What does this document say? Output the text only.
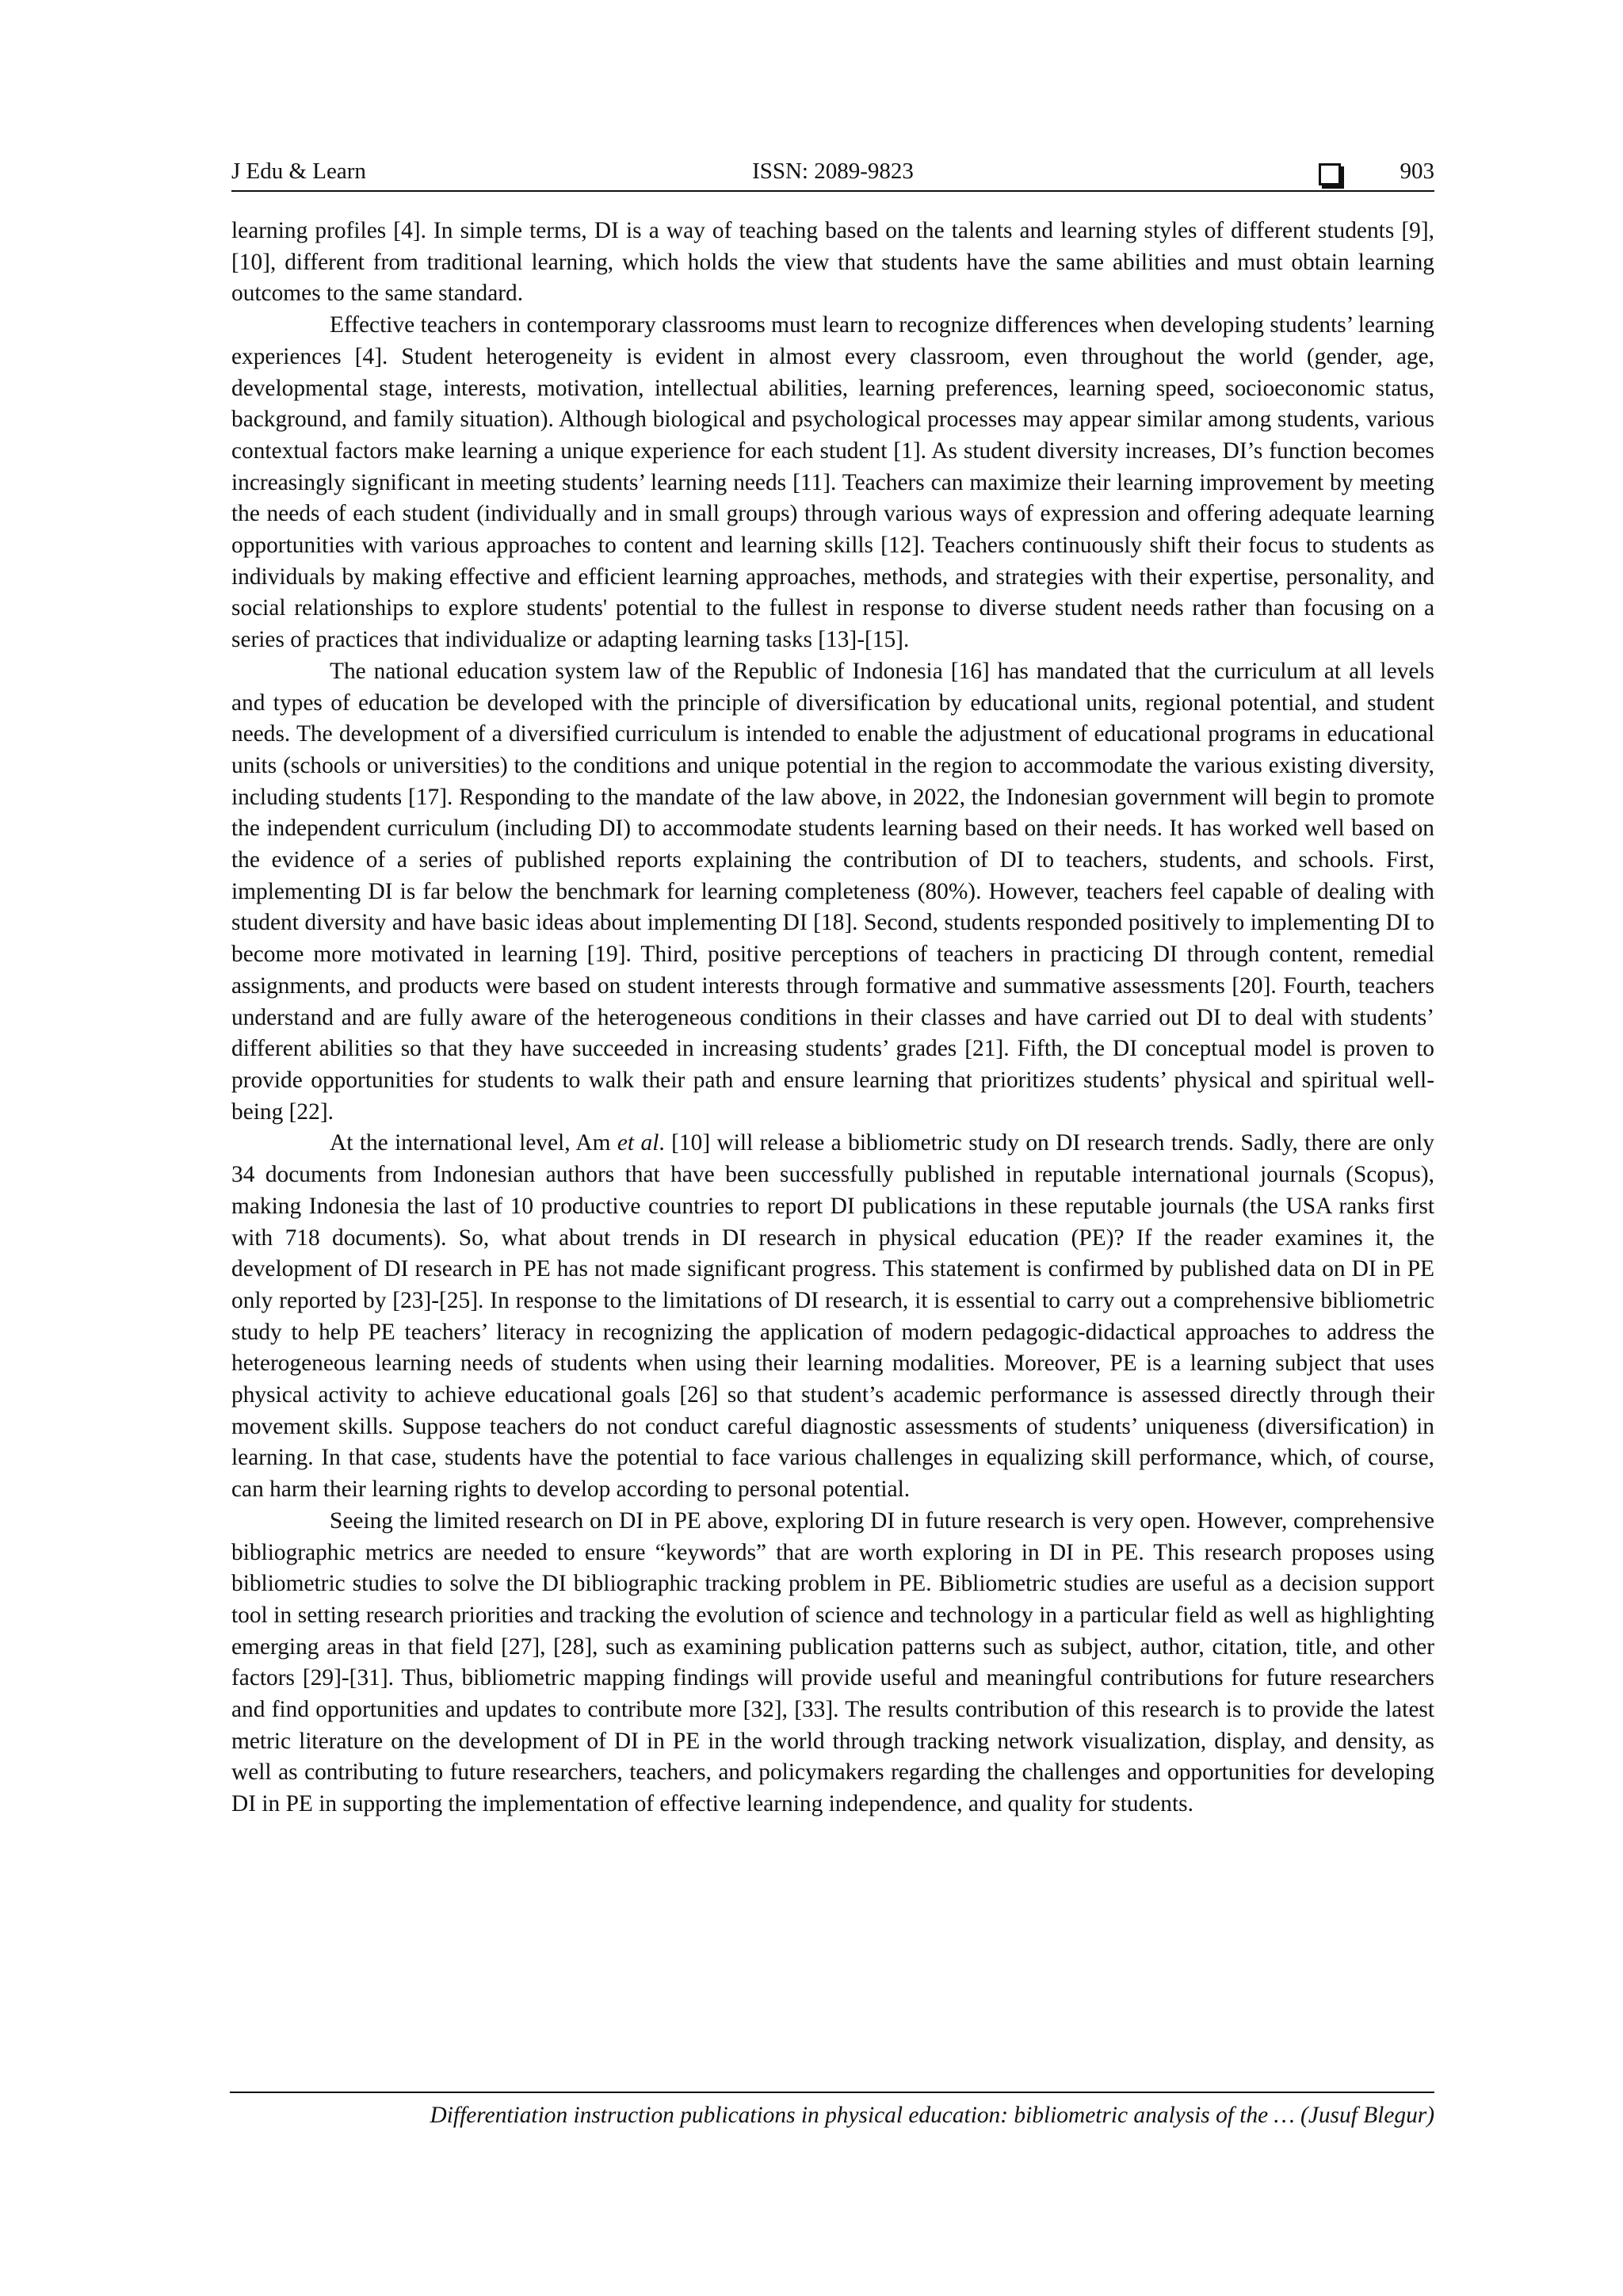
J Edu & Learn	ISSN: 2089-9823	903

learning profiles [4]. In simple terms, DI is a way of teaching based on the talents and learning styles of different students [9], [10], different from traditional learning, which holds the view that students have the same abilities and must obtain learning outcomes to the same standard.

Effective teachers in contemporary classrooms must learn to recognize differences when developing students’ learning experiences [4]. Student heterogeneity is evident in almost every classroom, even throughout the world (gender, age, developmental stage, interests, motivation, intellectual abilities, learning preferences, learning speed, socioeconomic status, background, and family situation). Although biological and psychological processes may appear similar among students, various contextual factors make learning a unique experience for each student [1]. As student diversity increases, DI’s function becomes increasingly significant in meeting students’ learning needs [11]. Teachers can maximize their learning improvement by meeting the needs of each student (individually and in small groups) through various ways of expression and offering adequate learning opportunities with various approaches to content and learning skills [12]. Teachers continuously shift their focus to students as individuals by making effective and efficient learning approaches, methods, and strategies with their expertise, personality, and social relationships to explore students' potential to the fullest in response to diverse student needs rather than focusing on a series of practices that individualize or adapting learning tasks [13]-[15].

The national education system law of the Republic of Indonesia [16] has mandated that the curriculum at all levels and types of education be developed with the principle of diversification by educational units, regional potential, and student needs. The development of a diversified curriculum is intended to enable the adjustment of educational programs in educational units (schools or universities) to the conditions and unique potential in the region to accommodate the various existing diversity, including students [17]. Responding to the mandate of the law above, in 2022, the Indonesian government will begin to promote the independent curriculum (including DI) to accommodate students learning based on their needs. It has worked well based on the evidence of a series of published reports explaining the contribution of DI to teachers, students, and schools. First, implementing DI is far below the benchmark for learning completeness (80%). However, teachers feel capable of dealing with student diversity and have basic ideas about implementing DI [18]. Second, students responded positively to implementing DI to become more motivated in learning [19]. Third, positive perceptions of teachers in practicing DI through content, remedial assignments, and products were based on student interests through formative and summative assessments [20]. Fourth, teachers understand and are fully aware of the heterogeneous conditions in their classes and have carried out DI to deal with students’ different abilities so that they have succeeded in increasing students’ grades [21]. Fifth, the DI conceptual model is proven to provide opportunities for students to walk their path and ensure learning that prioritizes students’ physical and spiritual well-being [22].

At the international level, Am et al. [10] will release a bibliometric study on DI research trends. Sadly, there are only 34 documents from Indonesian authors that have been successfully published in reputable international journals (Scopus), making Indonesia the last of 10 productive countries to report DI publications in these reputable journals (the USA ranks first with 718 documents). So, what about trends in DI research in physical education (PE)? If the reader examines it, the development of DI research in PE has not made significant progress. This statement is confirmed by published data on DI in PE only reported by [23]-[25]. In response to the limitations of DI research, it is essential to carry out a comprehensive bibliometric study to help PE teachers’ literacy in recognizing the application of modern pedagogic-didactical approaches to address the heterogeneous learning needs of students when using their learning modalities. Moreover, PE is a learning subject that uses physical activity to achieve educational goals [26] so that student’s academic performance is assessed directly through their movement skills. Suppose teachers do not conduct careful diagnostic assessments of students’ uniqueness (diversification) in learning. In that case, students have the potential to face various challenges in equalizing skill performance, which, of course, can harm their learning rights to develop according to personal potential.

Seeing the limited research on DI in PE above, exploring DI in future research is very open. However, comprehensive bibliographic metrics are needed to ensure “keywords” that are worth exploring in DI in PE. This research proposes using bibliometric studies to solve the DI bibliographic tracking problem in PE. Bibliometric studies are useful as a decision support tool in setting research priorities and tracking the evolution of science and technology in a particular field as well as highlighting emerging areas in that field [27], [28], such as examining publication patterns such as subject, author, citation, title, and other factors [29]-[31]. Thus, bibliometric mapping findings will provide useful and meaningful contributions for future researchers and find opportunities and updates to contribute more [32], [33]. The results contribution of this research is to provide the latest metric literature on the development of DI in PE in the world through tracking network visualization, display, and density, as well as contributing to future researchers, teachers, and policymakers regarding the challenges and opportunities for developing DI in PE in supporting the implementation of effective learning independence, and quality for students.

Differentiation instruction publications in physical education: bibliometric analysis of the … (Jusuf Blegur)
